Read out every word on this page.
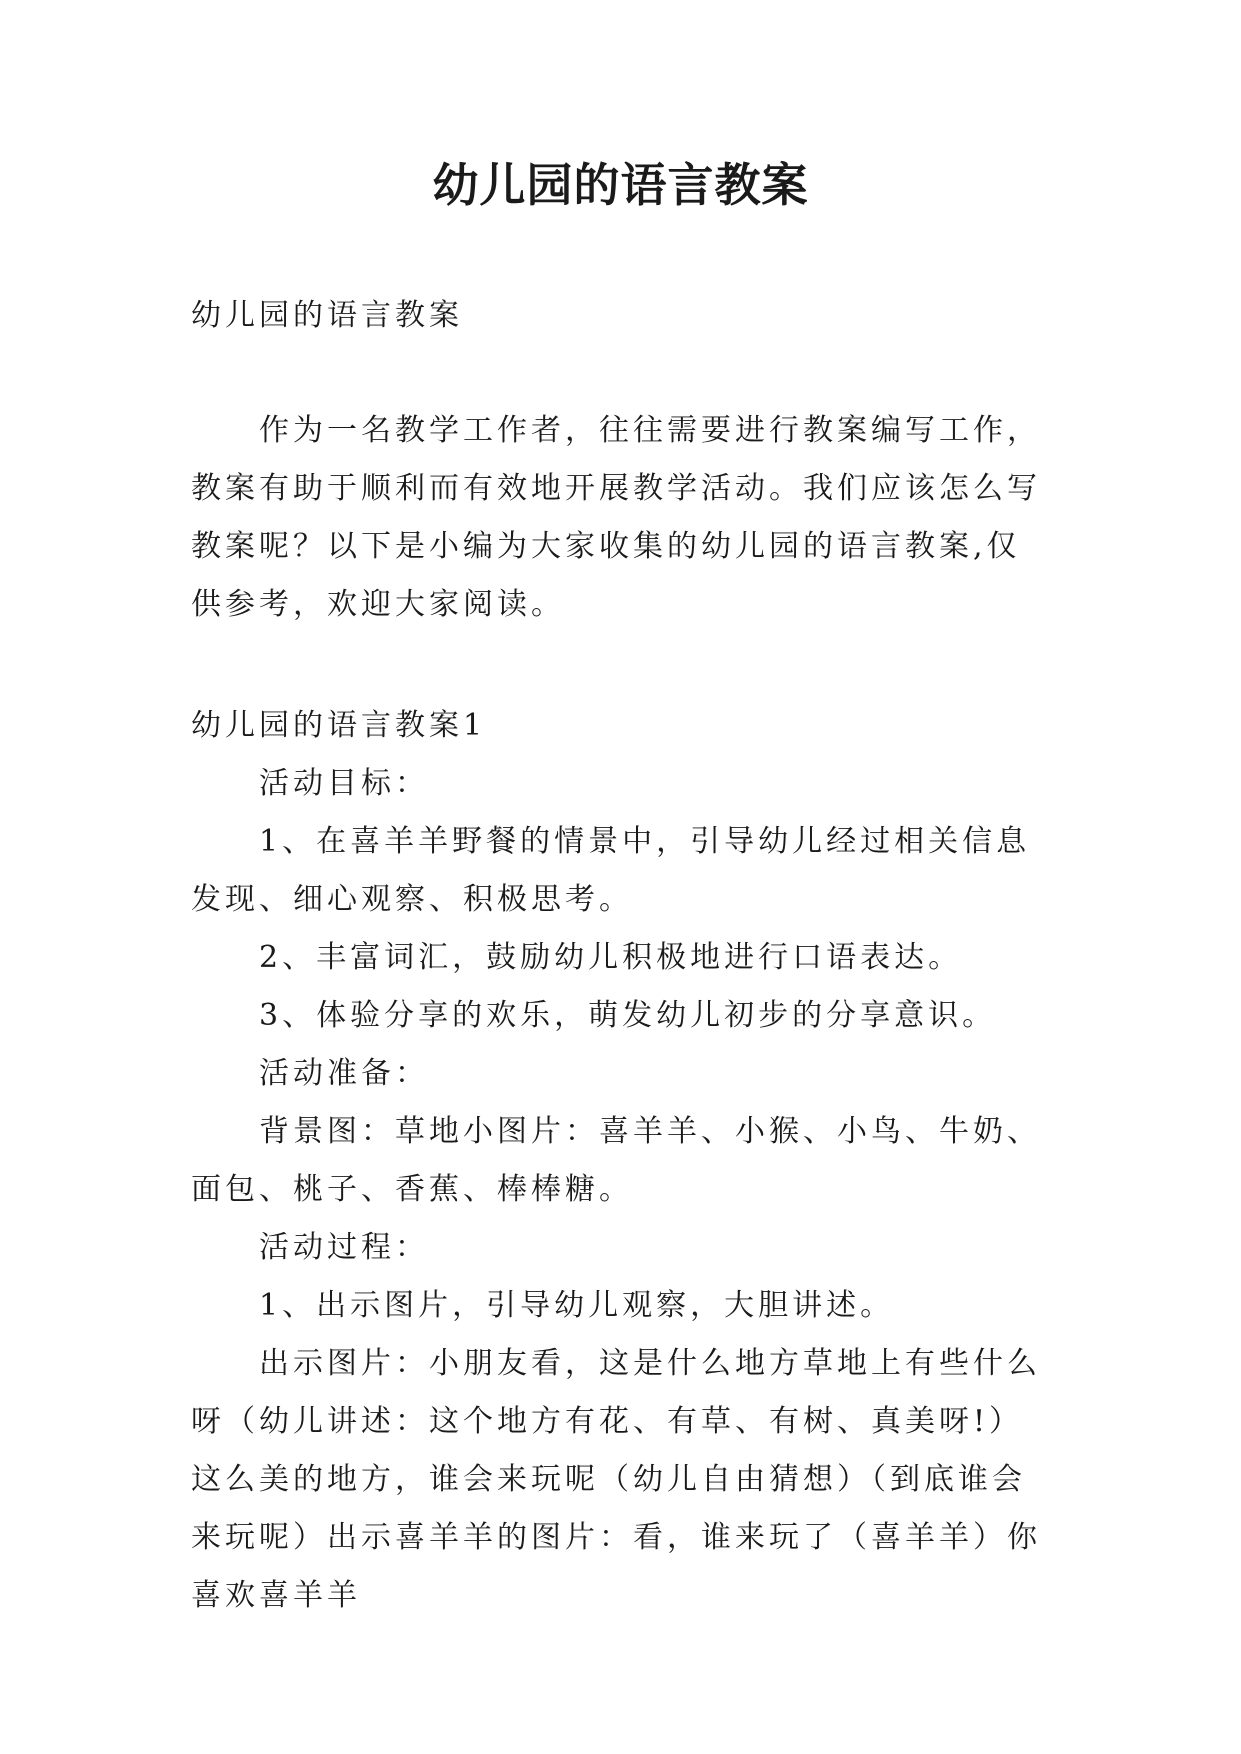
幼儿园的语言教案
幼儿园的语言教案
作为一名教学工作者，往往需要进行教案编写工作，教案有助于顺利而有效地开展教学活动。我们应该怎么写教案呢？以下是小编为大家收集的幼儿园的语言教案,仅供参考，欢迎大家阅读。

幼儿园的语言教案1

活动目标：

1、在喜羊羊野餐的情景中，引导幼儿经过相关信息发现、细心观察、积极思考。

2、丰富词汇，鼓励幼儿积极地进行口语表达。

3、体验分享的欢乐，萌发幼儿初步的分享意识。

活动准备：

背景图：草地小图片：喜羊羊、小猴、小鸟、牛奶、面包、桃子、香蕉、棒棒糖。

活动过程：

1、出示图片，引导幼儿观察，大胆讲述。

出示图片：小朋友看，这是什么地方草地上有些什么呀（幼儿讲述：这个地方有花、有草、有树、真美呀!）这么美的地方，谁会来玩呢（幼儿自由猜想）（到底谁会来玩呢）出示喜羊羊的图片：看，谁来玩了（喜羊羊）你喜欢喜羊羊
